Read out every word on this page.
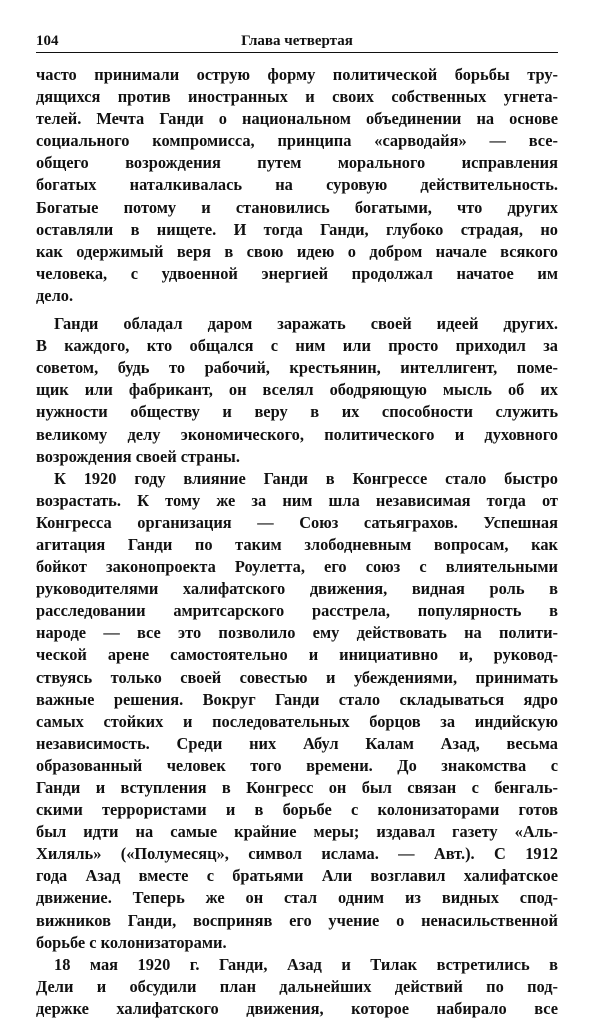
104	Глава четвертая
часто принимали острую форму политической борьбы тру-
дящихся против иностранных и своих собственных угнета-
телей. Мечта Ганди о национальном объединении на основе
социального компромисса, принципа «сарводайя» — все-
общего возрождения путем морального исправления
богатых наталкивалась на суровую действительность.
Богатые потому и становились богатыми, что других
оставляли в нищете. И тогда Ганди, глубоко страдая, но
как одержимый веря в свою идею о добром начале всякого
человека, с удвоенной энергией продолжал начатое им
дело.
Ганди обладал даром заражать своей идеей других.
В каждого, кто общался с ним или просто приходил за
советом, будь то рабочий, крестьянин, интеллигент, поме-
щик или фабрикант, он вселял ободряющую мысль об их
нужности обществу и веру в их способности служить
великому делу экономического, политического и духовного
возрождения своей страны.
К 1920 году влияние Ганди в Конгрессе стало быстро
возрастать. К тому же за ним шла независимая тогда от
Конгресса организация — Союз сатьяграхов. Успешная
агитация Ганди по таким злободневным вопросам, как
бойкот законопроекта Роулетта, его союз с влиятельными
руководителями халифатского движения, видная роль в
расследовании амритсарского расстрела, популярность в
народе — все это позволило ему действовать на полити-
ческой арене самостоятельно и инициативно и, руковод-
ствуясь только своей совестью и убеждениями, принимать
важные решения. Вокруг Ганди стало складываться ядро
самых стойких и последовательных борцов за индийскую
независимость. Среди них Абул Калам Азад, весьма
образованный человек того времени. До знакомства с
Ганди и вступления в Конгресс он был связан с бенгаль-
скими террористами и в борьбе с колонизаторами готов
был идти на самые крайние меры; издавал газету «Аль-
Хиляль» («Полумесяц», символ ислама. — Авт.). С 1912
года Азад вместе с братьями Али возглавил халифатское
движение. Теперь же он стал одним из видных спод-
вижников Ганди, восприняв его учение о ненасильственной
борьбе с колонизаторами.
18 мая 1920 г. Ганди, Азад и Тилак встретились в
Дели и обсудили план дальнейших действий по под-
держке халифатского движения, которое набирало все
